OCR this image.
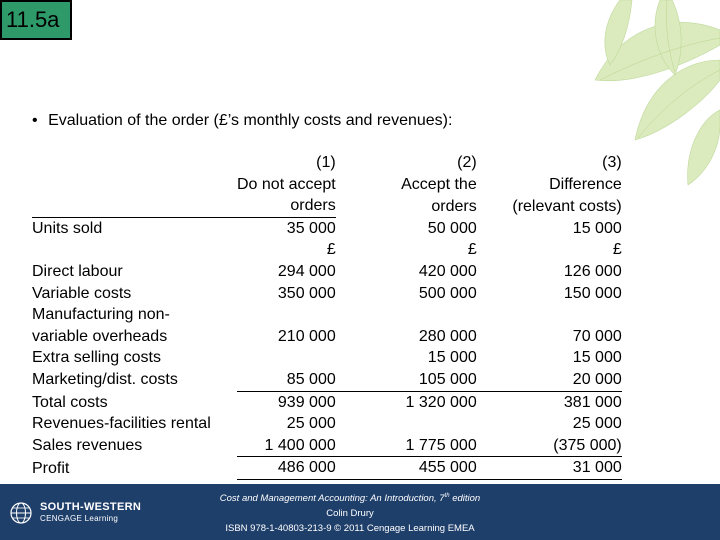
11.5a
• Evaluation of the order (£’s monthly costs and revenues):
	(1)	(2)	(3)
	Do not accept	Accept the	Difference
	orders	orders	(relevant costs)
Units sold	35 000	50 000	15 000
	£	£	£
Direct labour	294 000	420 000	126 000
Variable costs	350 000	500 000	150 000
Manufacturing non-			
variable overheads	210 000	280 000	70 000
Extra selling costs		15 000	15 000
Marketing/dist. costs	85 000	105 000	20 000
Total costs	939 000	1 320 000	381 000
Revenues-facilities rental	25 000		25 000
Sales revenues	1 400 000	1 775 000	(375 000)
Profit	486 000	455 000	31 000
SOUTH-WESTERN
CENGAGE Learning
Cost and Management Accounting: An Introduction, 7th edition
Colin Drury
ISBN 978-1-40803-213-9 © 2011 Cengage Learning EMEA
